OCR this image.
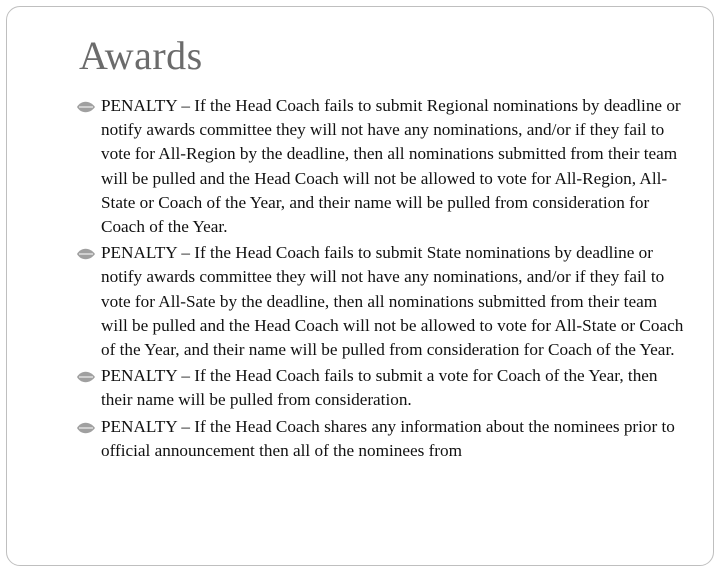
Awards
PENALTY – If the Head Coach fails to submit Regional nominations by deadline or notify awards committee they will not have any nominations, and/or if they fail to vote for All-Region by the deadline, then all nominations submitted from their team will be pulled and the Head Coach will not be allowed to vote for All-Region, All-State or Coach of the Year, and their name will be pulled from consideration for Coach of the Year.
PENALTY – If the Head Coach fails to submit State nominations by deadline or notify awards committee they will not have any nominations, and/or if they fail to vote for All-Sate by the deadline, then all nominations submitted from their team will be pulled and the Head Coach will not be allowed to vote for All-State or Coach of the Year, and their name will be pulled from consideration for Coach of the Year.
PENALTY – If the Head Coach fails to submit a vote for Coach of the Year, then their name will be pulled from consideration.
PENALTY – If the Head Coach shares any information about the nominees prior to official announcement then all of the nominees from
